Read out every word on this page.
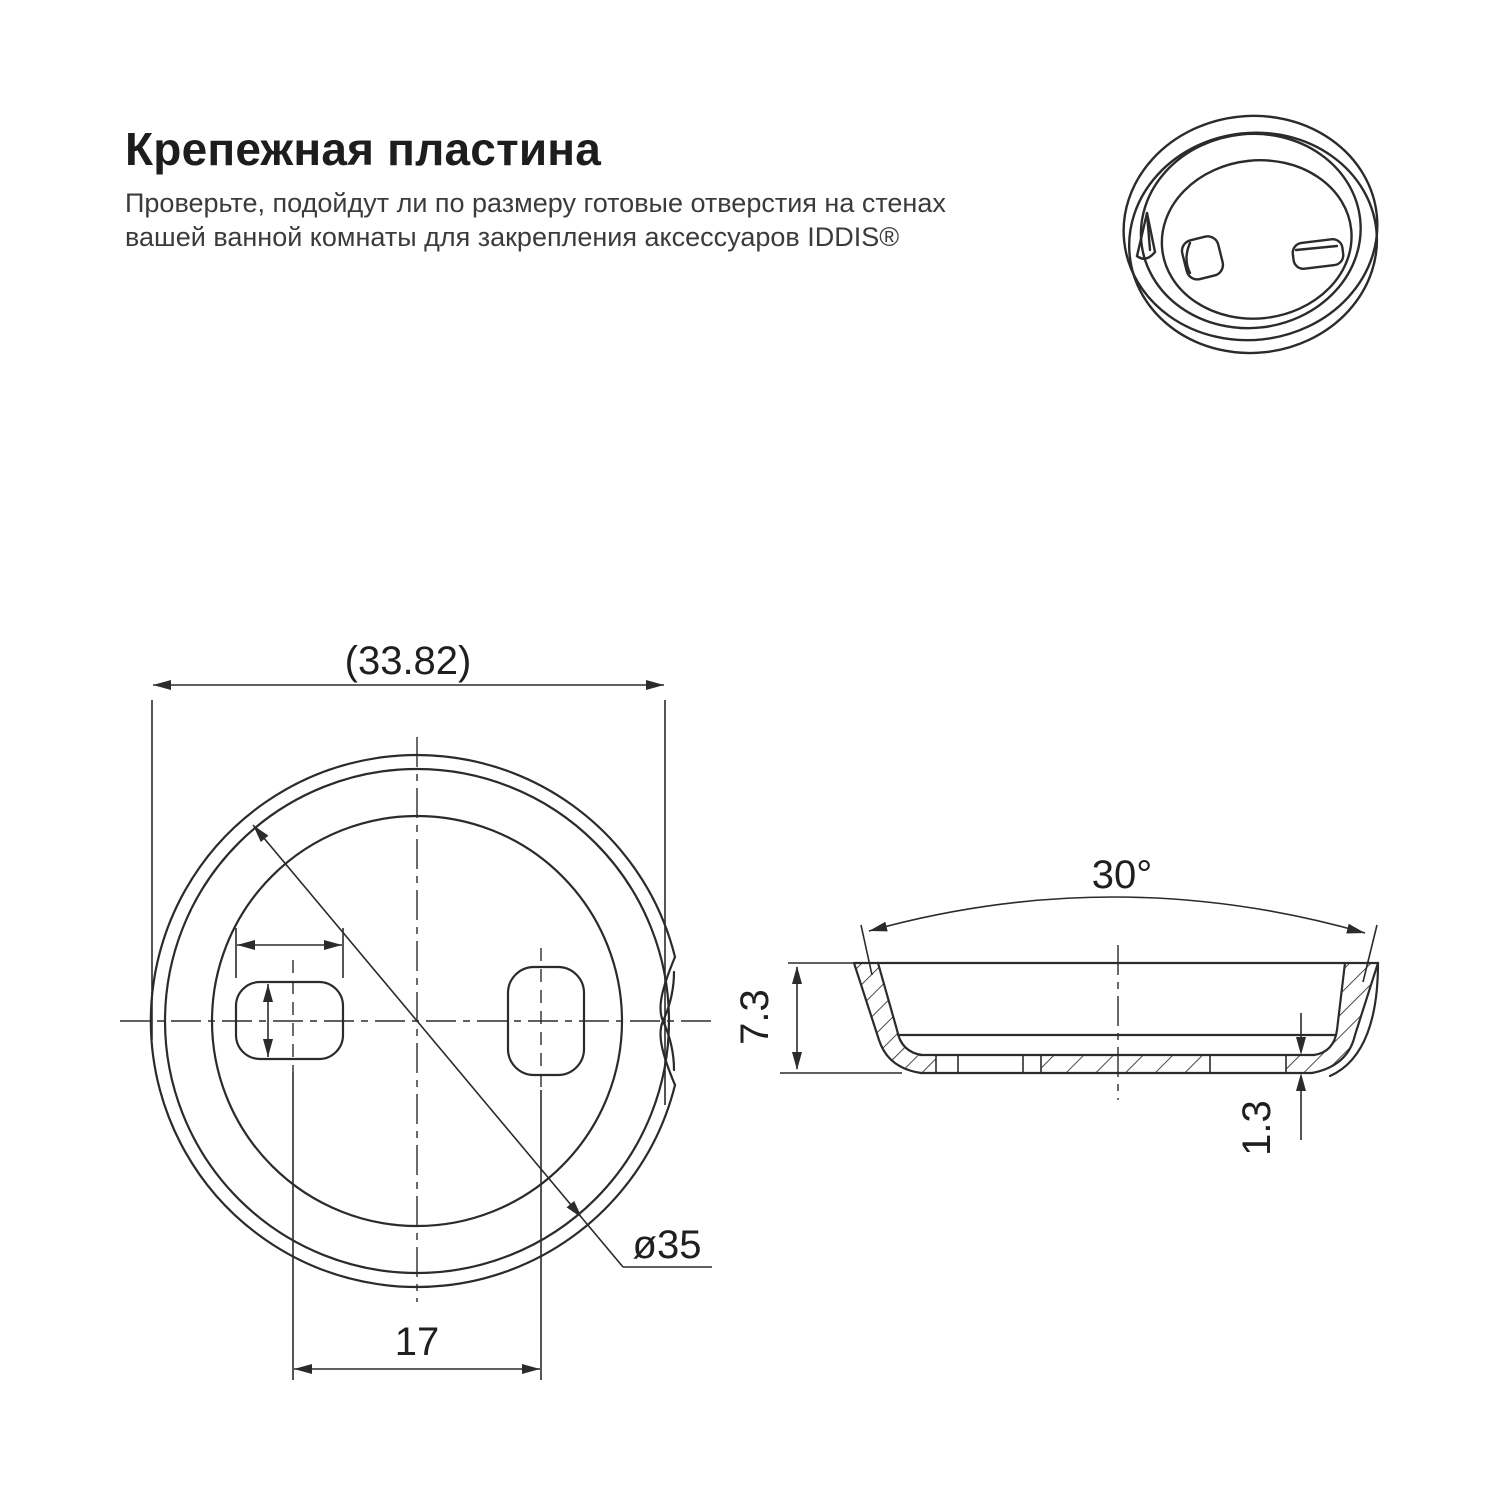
Крепежная пластина
Проверьте, подойдут ли по размеру готовые отверстия на стенах
вашей ванной комнаты для закрепления аксессуаров IDDIS®
(33.82)
17
ø35
30°
7.3
1.3
